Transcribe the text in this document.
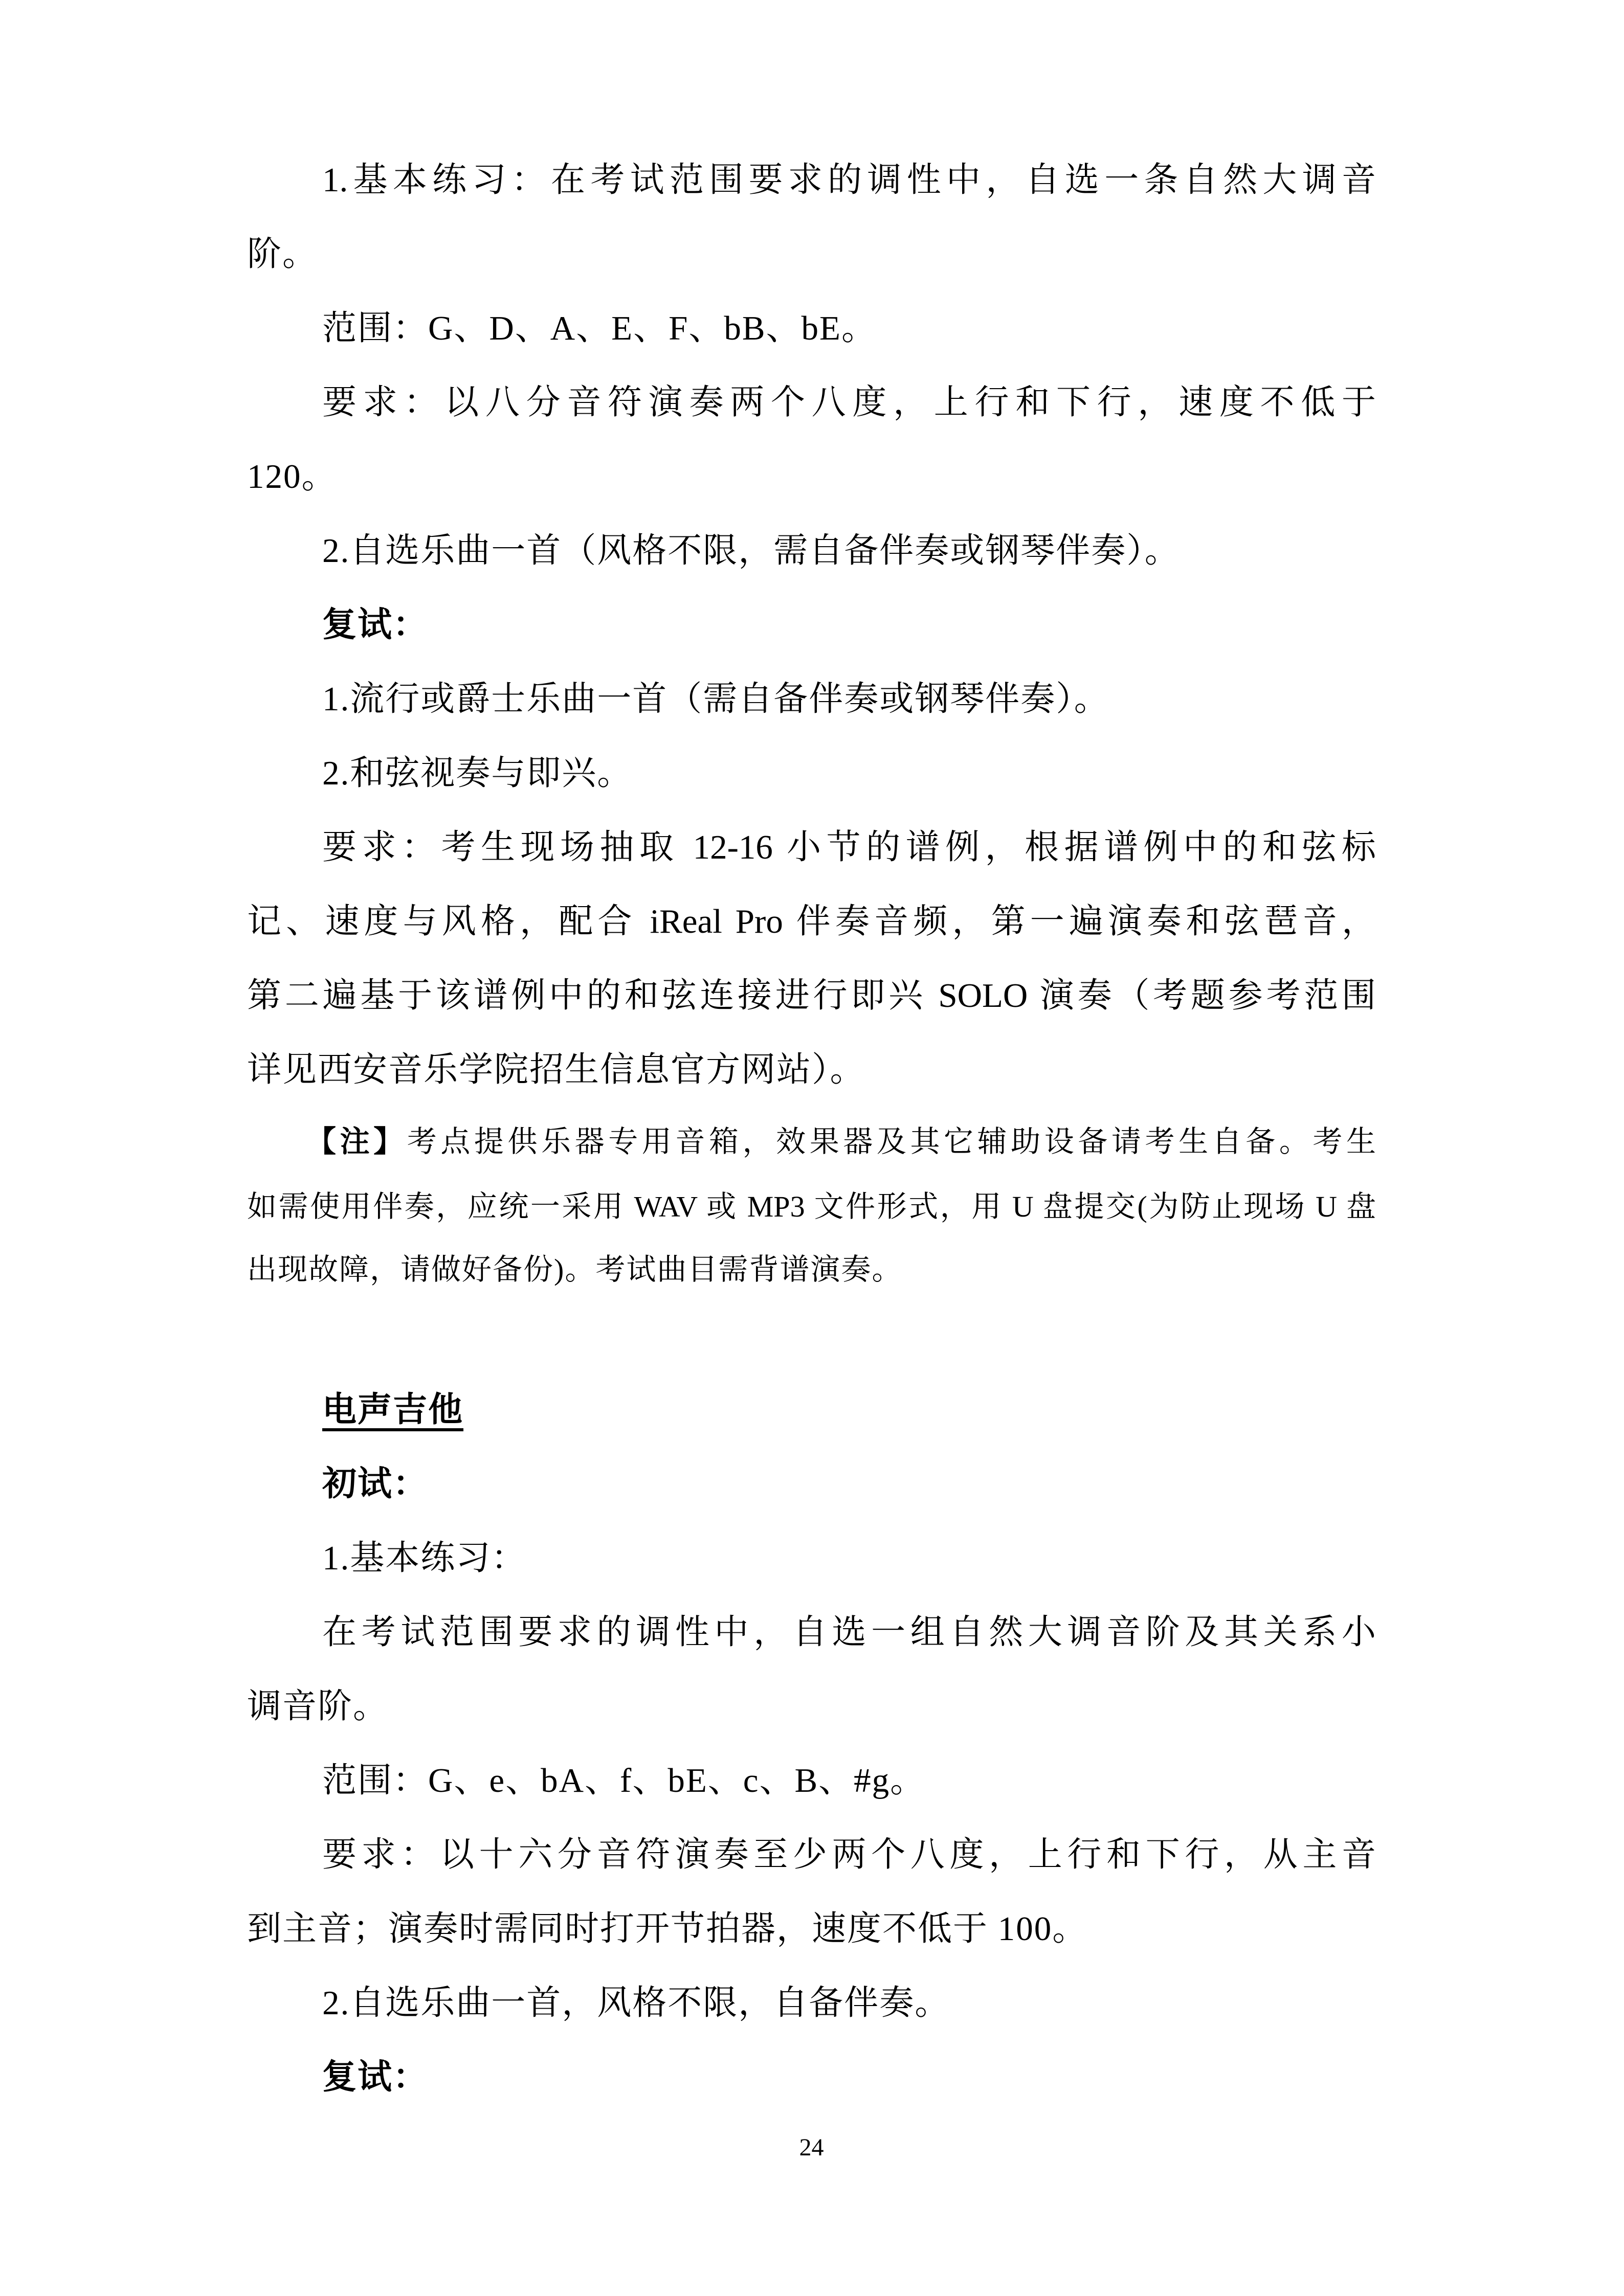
1.基本练习：在考试范围要求的调性中，自选一条自然大调音
阶。
范围：G、D、A、E、F、bB、bE。
要求：以八分音符演奏两个八度，上行和下行，速度不低于
120。
2.自选乐曲一首（风格不限，需自备伴奏或钢琴伴奏）。
复试：
1.流行或爵士乐曲一首（需自备伴奏或钢琴伴奏）。
2.和弦视奏与即兴。
要求：考生现场抽取 12-16 小节的谱例，根据谱例中的和弦标
记、速度与风格，配合 iReal Pro 伴奏音频，第一遍演奏和弦琶音，
第二遍基于该谱例中的和弦连接进行即兴 SOLO 演奏（考题参考范围
详见西安音乐学院招生信息官方网站）。
【注】考点提供乐器专用音箱，效果器及其它辅助设备请考生自备。考生
如需使用伴奏，应统一采用 WAV 或 MP3 文件形式，用 U 盘提交(为防止现场 U 盘
出现故障，请做好备份)。考试曲目需背谱演奏。
电声吉他
初试：
1.基本练习：
在考试范围要求的调性中，自选一组自然大调音阶及其关系小
调音阶。
范围：G、e、bA、f、bE、c、B、#g。
要求：以十六分音符演奏至少两个八度，上行和下行，从主音
到主音；演奏时需同时打开节拍器，速度不低于 100。
2.自选乐曲一首，风格不限，自备伴奏。
复试：
24
